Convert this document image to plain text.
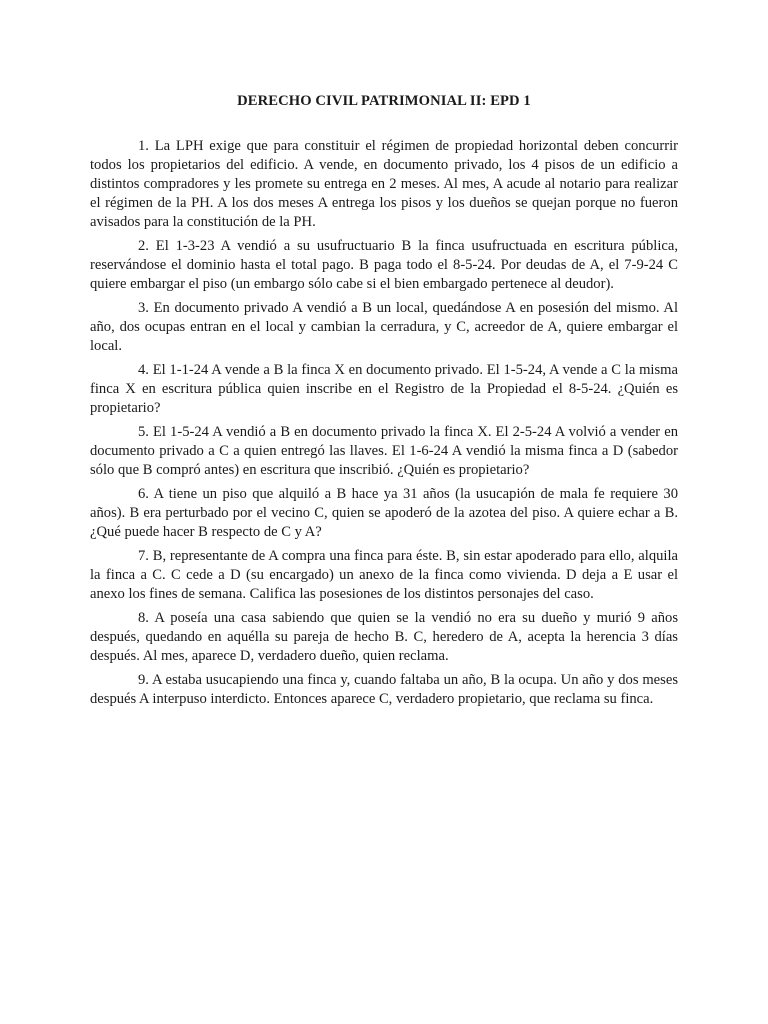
DERECHO CIVIL PATRIMONIAL II: EPD 1

1. La LPH exige que para constituir el régimen de propiedad horizontal deben concurrir todos los propietarios del edificio. A vende, en documento privado, los 4 pisos de un edificio a distintos compradores y les promete su entrega en 2 meses. Al mes, A acude al notario para realizar el régimen de la PH. A los dos meses A entrega los pisos y los dueños se quejan porque no fueron avisados para la constitución de la PH.

2. El 1-3-23 A vendió a su usufructuario B la finca usufructuada en escritura pública, reservándose el dominio hasta el total pago. B paga todo el 8-5-24. Por deudas de A, el 7-9-24 C quiere embargar el piso (un embargo sólo cabe si el bien embargado pertenece al deudor).

3. En documento privado A vendió a B un local, quedándose A en posesión del mismo. Al año, dos ocupas entran en el local y cambian la cerradura, y C, acreedor de A, quiere embargar el local.

4. El 1-1-24 A vende a B la finca X en documento privado. El 1-5-24, A vende a C la misma finca X en escritura pública quien inscribe en el Registro de la Propiedad el 8-5-24. ¿Quién es propietario?

5. El 1-5-24 A vendió a B en documento privado la finca X. El 2-5-24 A volvió a vender en documento privado a C a quien entregó las llaves. El 1-6-24 A vendió la misma finca a D (sabedor sólo que B compró antes) en escritura que inscribió. ¿Quién es propietario?

6. A tiene un piso que alquiló a B hace ya 31 años (la usucapión de mala fe requiere 30 años). B era perturbado por el vecino C, quien se apoderó de la azotea del piso. A quiere echar a B. ¿Qué puede hacer B respecto de C y A?

7. B, representante de A compra una finca para éste. B, sin estar apoderado para ello, alquila la finca a C. C cede a D (su encargado) un anexo de la finca como vivienda. D deja a E usar el anexo los fines de semana. Califica las posesiones de los distintos personajes del caso.

8. A poseía una casa sabiendo que quien se la vendió no era su dueño y murió 9 años después, quedando en aquélla su pareja de hecho B. C, heredero de A, acepta la herencia 3 días después. Al mes, aparece D, verdadero dueño, quien reclama.

9. A estaba usucapiendo una finca y, cuando faltaba un año, B la ocupa. Un año y dos meses después A interpuso interdicto. Entonces aparece C, verdadero propietario, que reclama su finca.
